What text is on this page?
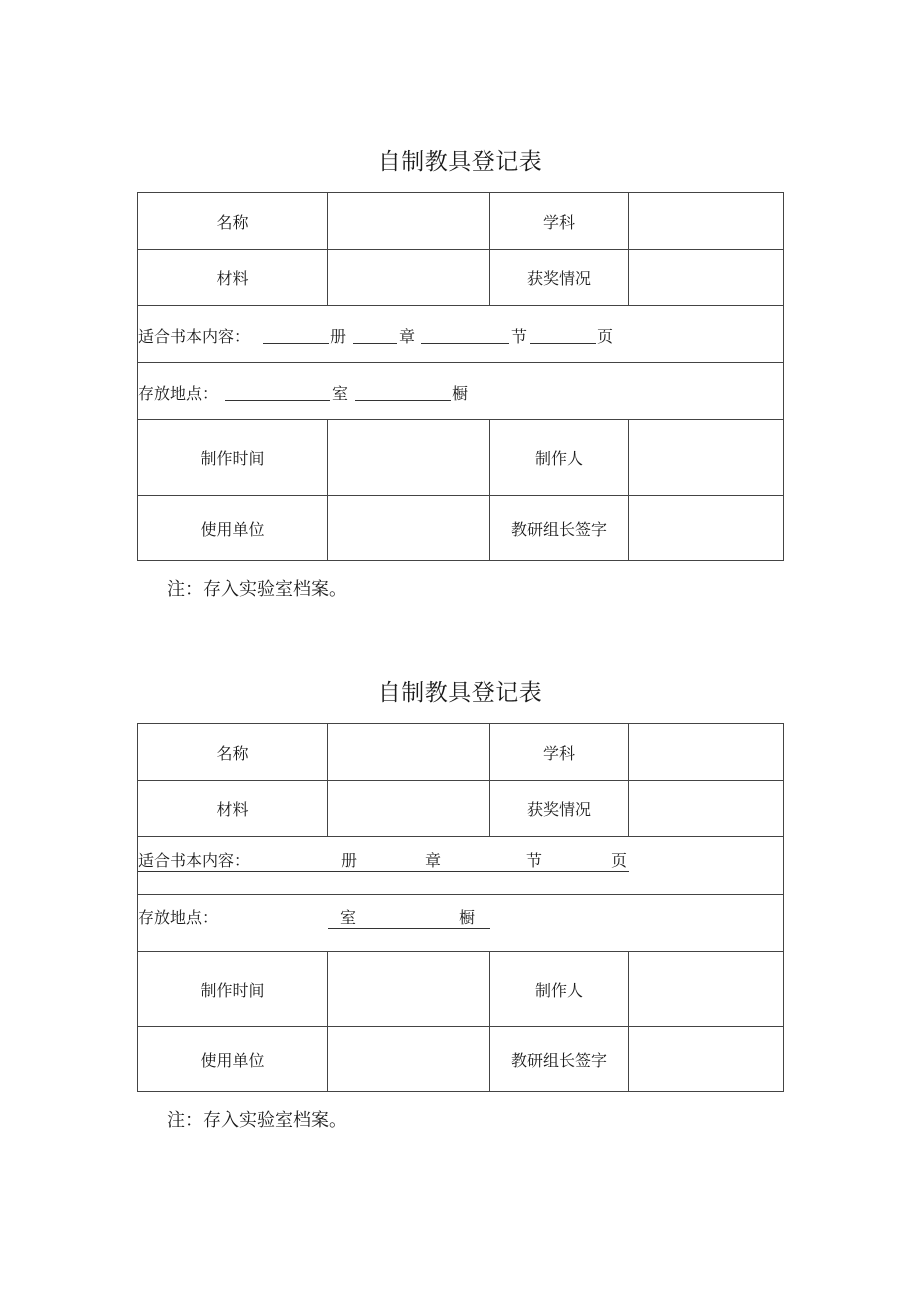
自制教具登记表
名称		学科	
材料		获奖情况	

适合书本内容： 册 章 节 页			

存放地点： 室 橱			

制作时间		制作人	
使用单位		教研组长签字	
注：存入实验室档案。
自制教具登记表
名称		学科	
材料		获奖情况	

适合书本内容： 册 章 节 页			

存放地点： 室 橱			

制作时间		制作人	
使用单位		教研组长签字	
注：存入实验室档案。
